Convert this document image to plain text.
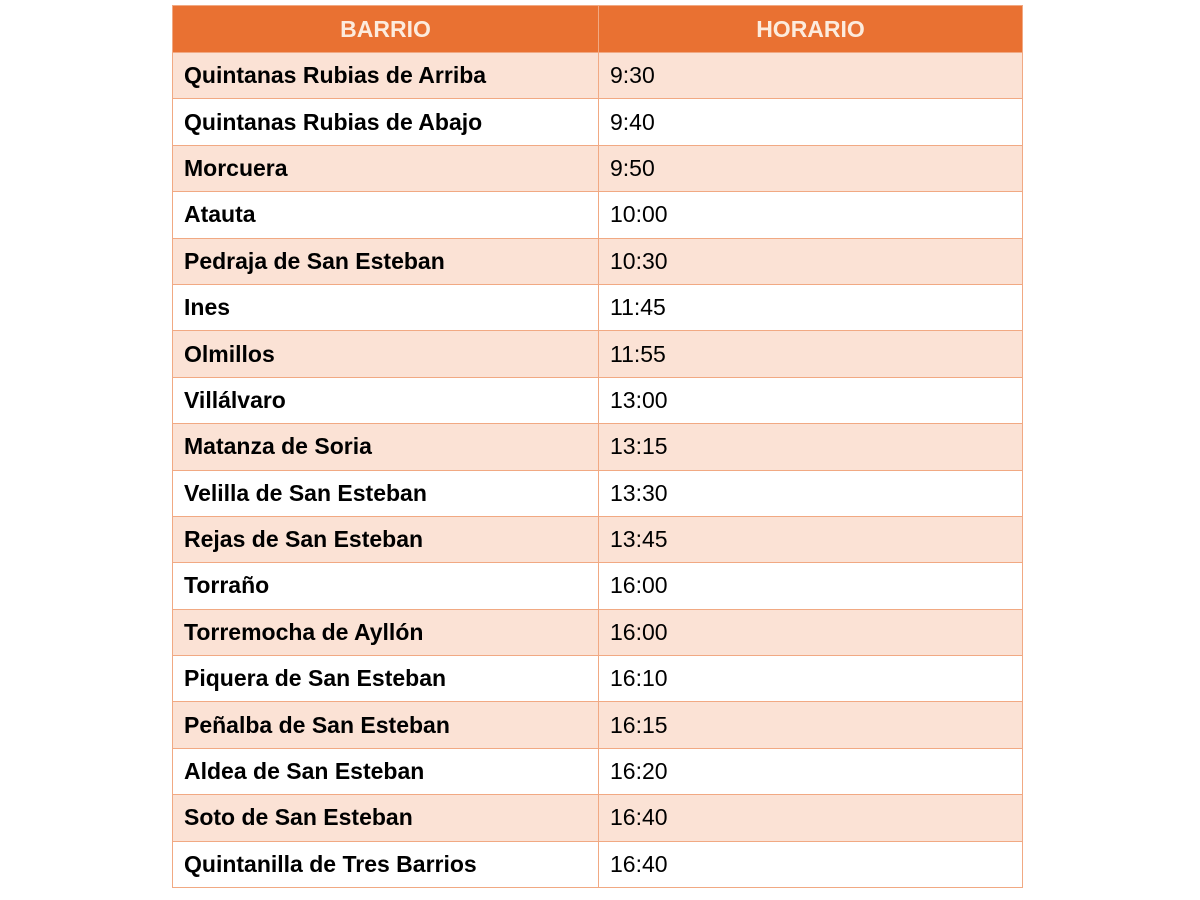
BARRIO	HORARIO
Quintanas Rubias de Arriba	9:30
Quintanas Rubias de Abajo	9:40
Morcuera	9:50
Atauta	10:00
Pedraja de San Esteban	10:30
Ines	11:45
Olmillos	11:55
Villálvaro	13:00
Matanza de Soria	13:15
Velilla de San Esteban	13:30
Rejas de San Esteban	13:45
Torraño	16:00
Torremocha de Ayllón	16:00
Piquera de San Esteban	16:10
Peñalba de San Esteban	16:15
Aldea de San Esteban	16:20
Soto de San Esteban	16:40
Quintanilla de Tres Barrios	16:40
